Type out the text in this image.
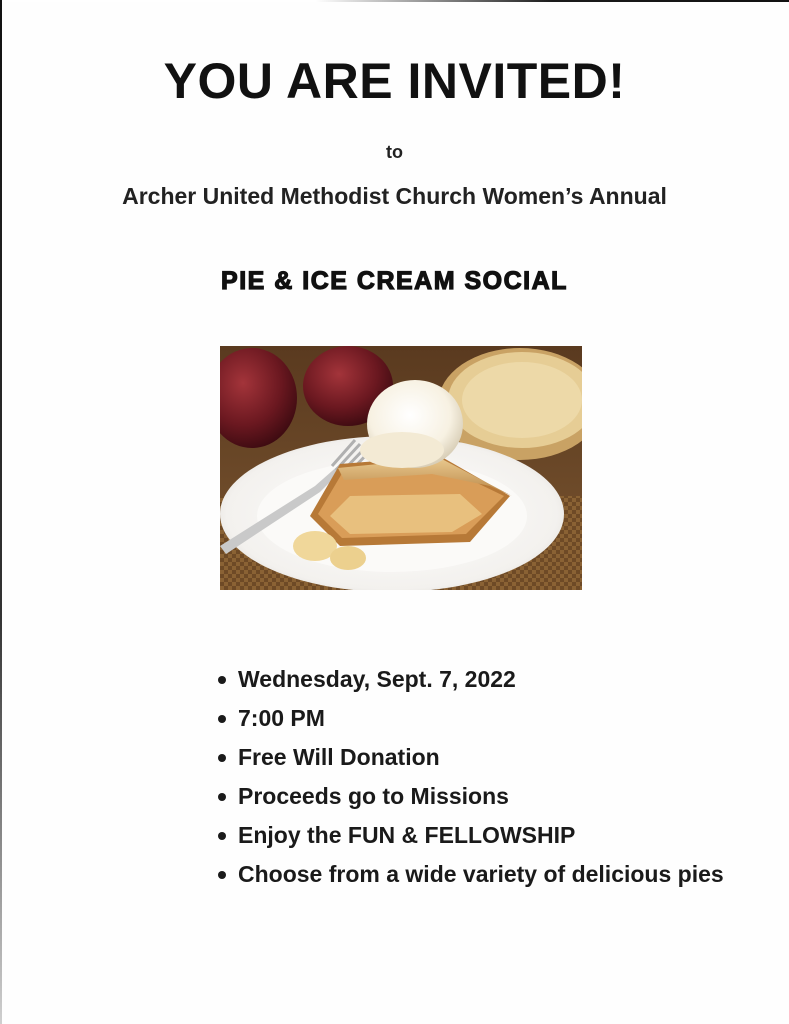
YOU ARE INVITED!
to
Archer United Methodist Church Women’s Annual
PIE & ICE CREAM SOCIAL
Wednesday, Sept. 7, 2022
7:00 PM
Free Will Donation
Proceeds go to Missions
Enjoy the FUN & FELLOWSHIP
Choose from a wide variety of delicious pies
